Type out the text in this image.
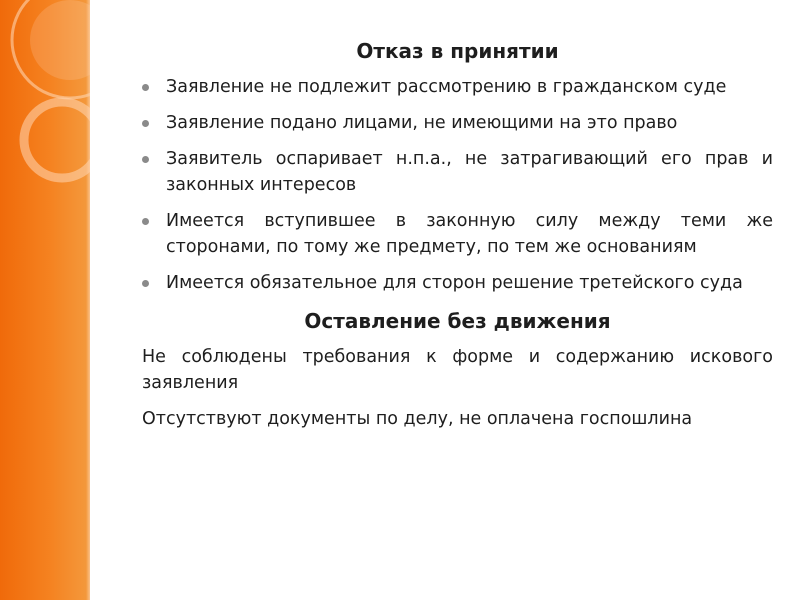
Отказ в принятии
Заявление не подлежит рассмотрению в гражданском суде
Заявление подано лицами, не имеющими на это право
Заявитель оспаривает н.п.а., не затрагивающий его прав и законных интересов
Имеется вступившее в законную силу между теми же сторонами, по тому же предмету, по тем же основаниям
Имеется обязательное для сторон решение третейского суда
Оставление без движения

Не соблюдены требования к форме и содержанию искового заявления

Отсутствуют документы по делу, не оплачена госпошлина
